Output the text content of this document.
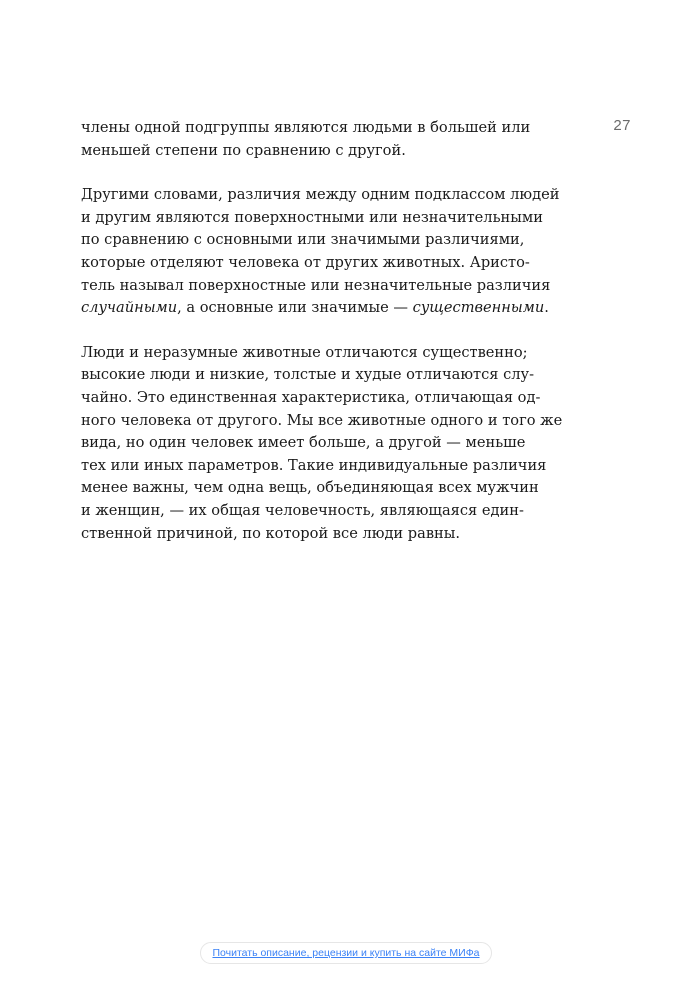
27

члены одной подгруппы являются людьми в большей или
меньшей степени по сравнению с другой.

Другими словами, различия между одним подклассом людей
и другим являются поверхностными или незначительными
по сравнению с основными или значимыми различиями,
которые отделяют человека от других животных. Аристо-
тель называл поверхностные или незначительные различия
случайными, а основные или значимые — существенными.

Люди и неразумные животные отличаются существенно;
высокие люди и низкие, толстые и худые отличаются слу-
чайно. Это единственная характеристика, отличающая од-
ного человека от другого. Мы все животные одного и того же
вида, но один человек имеет больше, а другой — меньше
тех или иных параметров. Такие индивидуальные различия
менее важны, чем одна вещь, объединяющая всех мужчин
и женщин, — их общая человечность, являющаяся един-
ственной причиной, по которой все люди равны.

Почитать описание, рецензии и купить на сайте МИФа
